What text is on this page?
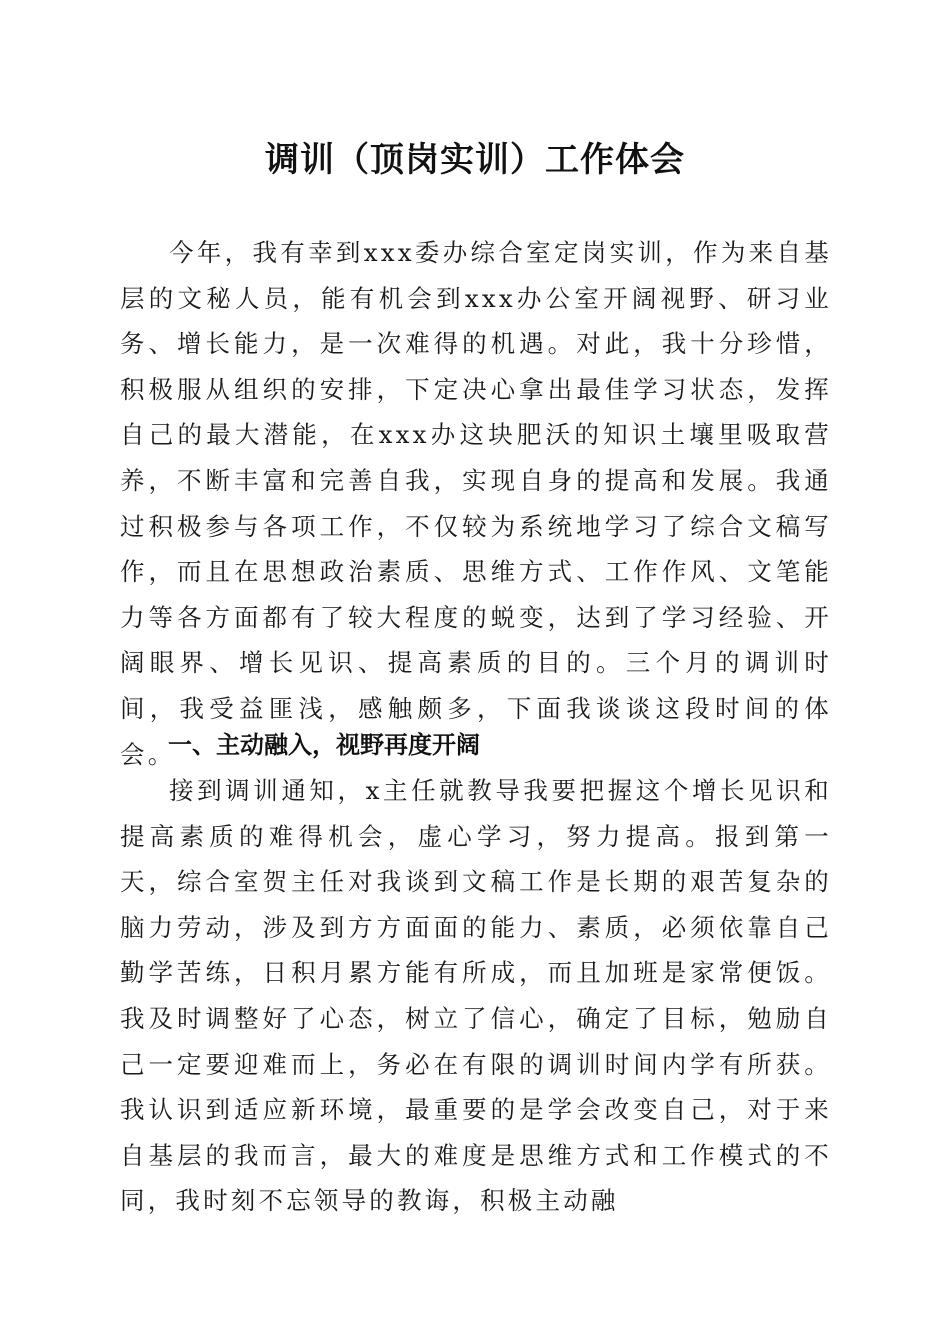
调训（顶岗实训）工作体会

今年，我有幸到xxx委办综合室定岗实训，作为来自基层的文秘人员，能有机会到xxx办公室开阔视野、研习业务、增长能力，是一次难得的机遇。对此，我十分珍惜，积极服从组织的安排，下定决心拿出最佳学习状态，发挥自己的最大潜能，在xxx办这块肥沃的知识土壤里吸取营养，不断丰富和完善自我，实现自身的提高和发展。我通过积极参与各项工作，不仅较为系统地学习了综合文稿写作，而且在思想政治素质、思维方式、工作作风、文笔能力等各方面都有了较大程度的蜕变，达到了学习经验、开阔眼界、增长见识、提高素质的目的。三个月的调训时间，我受益匪浅，感触颇多，下面我谈谈这段时间的体会。

一、主动融入，视野再度开阔

接到调训通知，x主任就教导我要把握这个增长见识和提高素质的难得机会，虚心学习，努力提高。报到第一天，综合室贺主任对我谈到文稿工作是长期的艰苦复杂的脑力劳动，涉及到方方面面的能力、素质，必须依靠自己勤学苦练，日积月累方能有所成，而且加班是家常便饭。我及时调整好了心态，树立了信心，确定了目标，勉励自己一定要迎难而上，务必在有限的调训时间内学有所获。我认识到适应新环境，最重要的是学会改变自己，对于来自基层的我而言，最大的难度是思维方式和工作模式的不同，我时刻不忘领导的教诲，积极主动融
